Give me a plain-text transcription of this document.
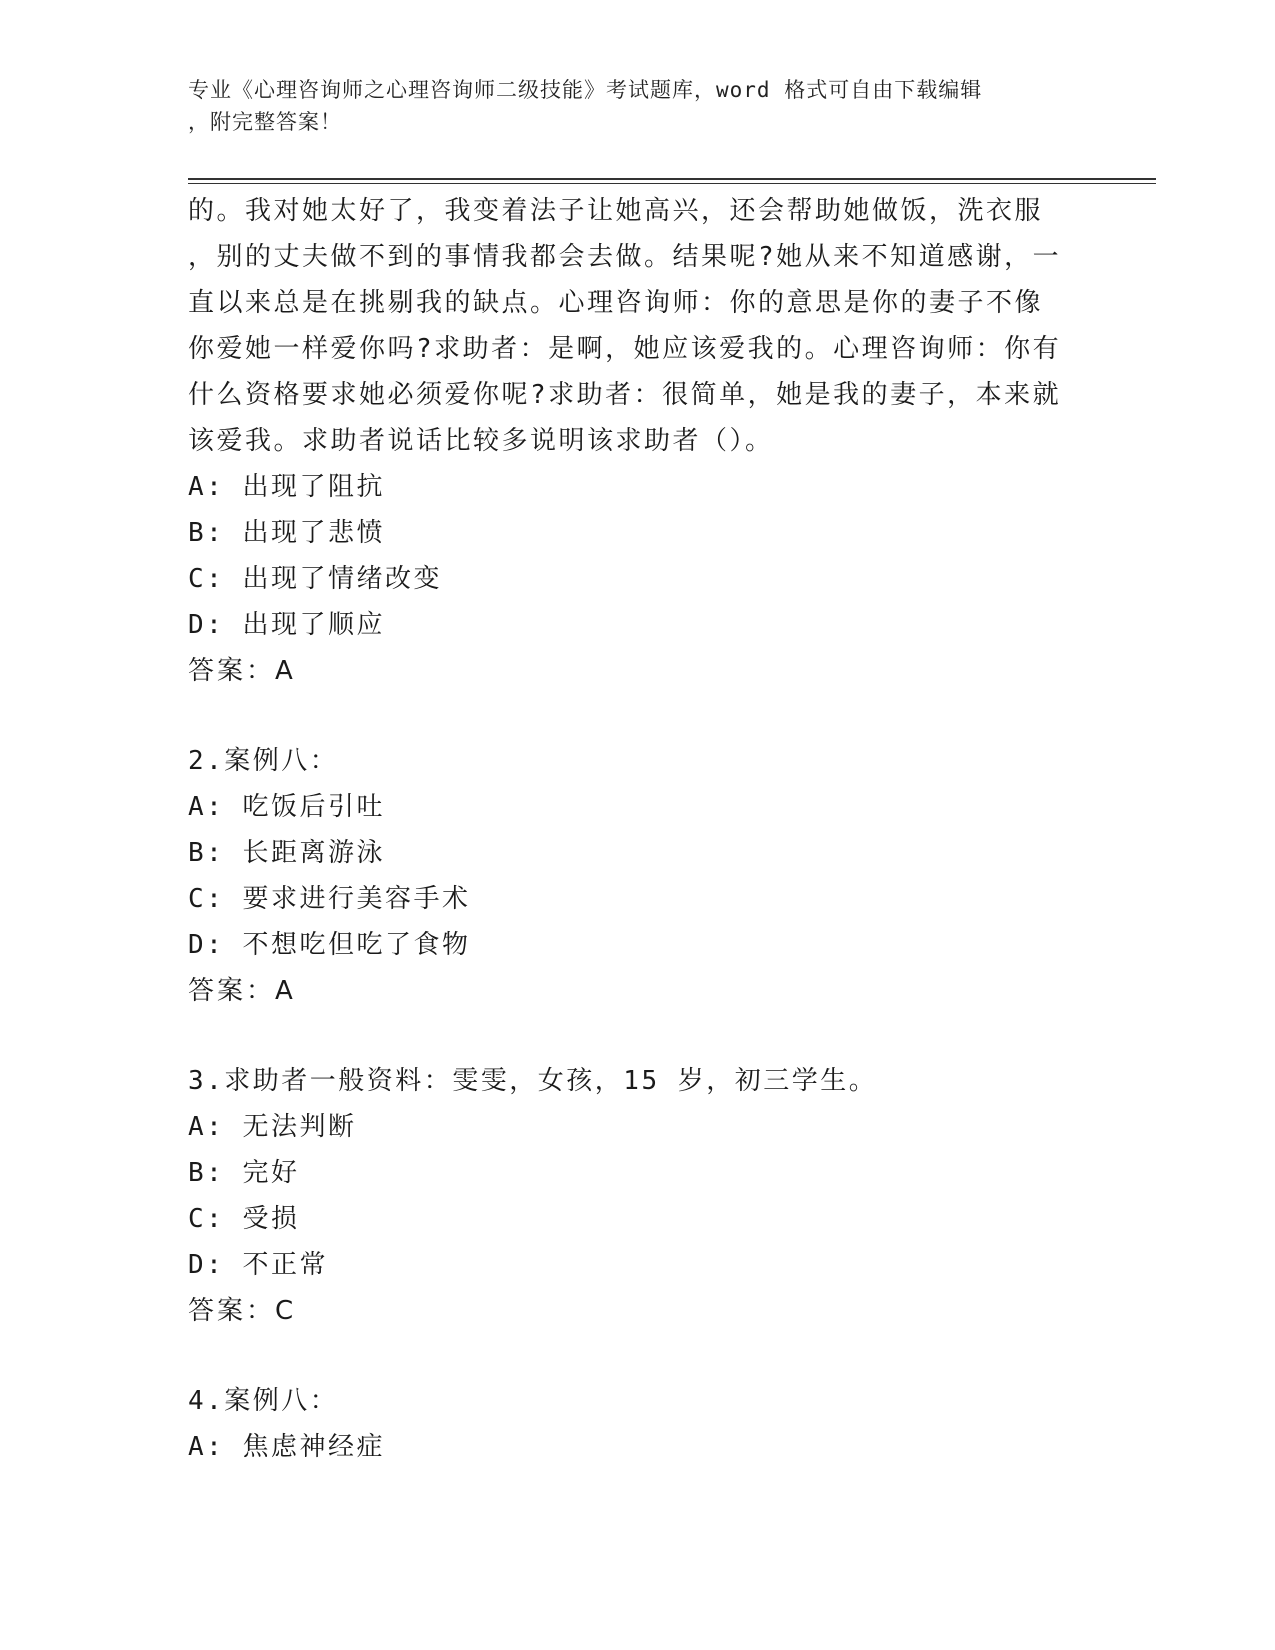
专业《心理咨询师之心理咨询师二级技能》考试题库，word 格式可自由下载编辑
，附完整答案！
的。我对她太好了，我变着法子让她高兴，还会帮助她做饭，洗衣服
，别的丈夫做不到的事情我都会去做。结果呢?她从来不知道感谢，一
直以来总是在挑剔我的缺点。心理咨询师：你的意思是你的妻子不像
你爱她一样爱你吗?求助者：是啊，她应该爱我的。心理咨询师：你有
什么资格要求她必须爱你呢?求助者：很简单，她是我的妻子，本来就
该爱我。求助者说话比较多说明该求助者（）。
A: 出现了阻抗
B: 出现了悲愤
C: 出现了情绪改变
D: 出现了顺应
答案：A
2.案例八：
A: 吃饭后引吐
B: 长距离游泳
C: 要求进行美容手术
D: 不想吃但吃了食物
答案：A
3.求助者一般资料：雯雯，女孩，15 岁，初三学生。
A: 无法判断
B: 完好
C: 受损
D: 不正常
答案：C
4.案例八：
A: 焦虑神经症
